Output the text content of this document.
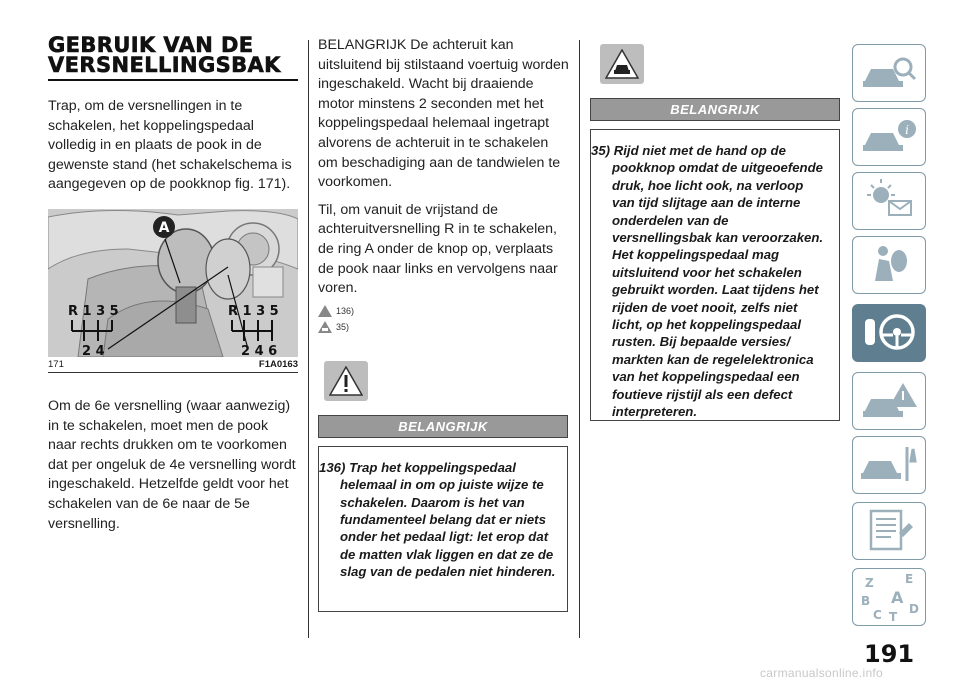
GEBRUIK VAN DE
VERSNELLINGSBAK

Trap, om de versnellingen in te schakelen, het koppelingspedaal volledig in en plaats de pook in de gewenste stand (het schakelschema is aangegeven op de pookknop fig. 171).

A
R 1 3 5
2 4
R 1 3 5
2 4 6
171	F1A0163

Om de 6e versnelling (waar aanwezig) in te schakelen, moet men de pook naar rechts drukken om te voorkomen dat per ongeluk de 4e versnelling wordt ingeschakeld. Hetzelfde geldt voor het schakelen van de 6e naar de 5e versnelling.

BELANGRIJK De achteruit kan uitsluitend bij stilstaand voertuig worden ingeschakeld. Wacht bij draaiende motor minstens 2 seconden met het koppelingspedaal helemaal ingetrapt alvorens de achteruit in te schakelen om beschadiging aan de tandwielen te voorkomen.

Til, om vanuit de vrijstand de achteruitversnelling R in te schakelen, de ring A onder de knop op, verplaats de pook naar links en vervolgens naar voren.

136)
35)
BELANGRIJK

136) Trap het koppelingspedaal helemaal in om op juiste wijze te schakelen. Daarom is het van fundamenteel belang dat er niets onder het pedaal ligt: let erop dat de matten vlak liggen en dat ze de slag van de pedalen niet hinderen.

BELANGRIJK

35) Rijd niet met de hand op de pookknop omdat de uitgeoefende druk, hoe licht ook, na verloop van tijd slijtage aan de interne onderdelen van de versnellingsbak kan veroorzaken. Het koppelingspedaal mag uitsluitend voor het schakelen gebruikt worden. Laat tijdens het rijden de voet nooit, zelfs niet licht, op het koppelingspedaal rusten. Bij bepaalde versies/ markten kan de regelelektronica van het koppelingspedaal een foutieve rijstijl als een defect interpreteren.

i
Z	E
B A
C T
D
191
carmanualsonline.info
